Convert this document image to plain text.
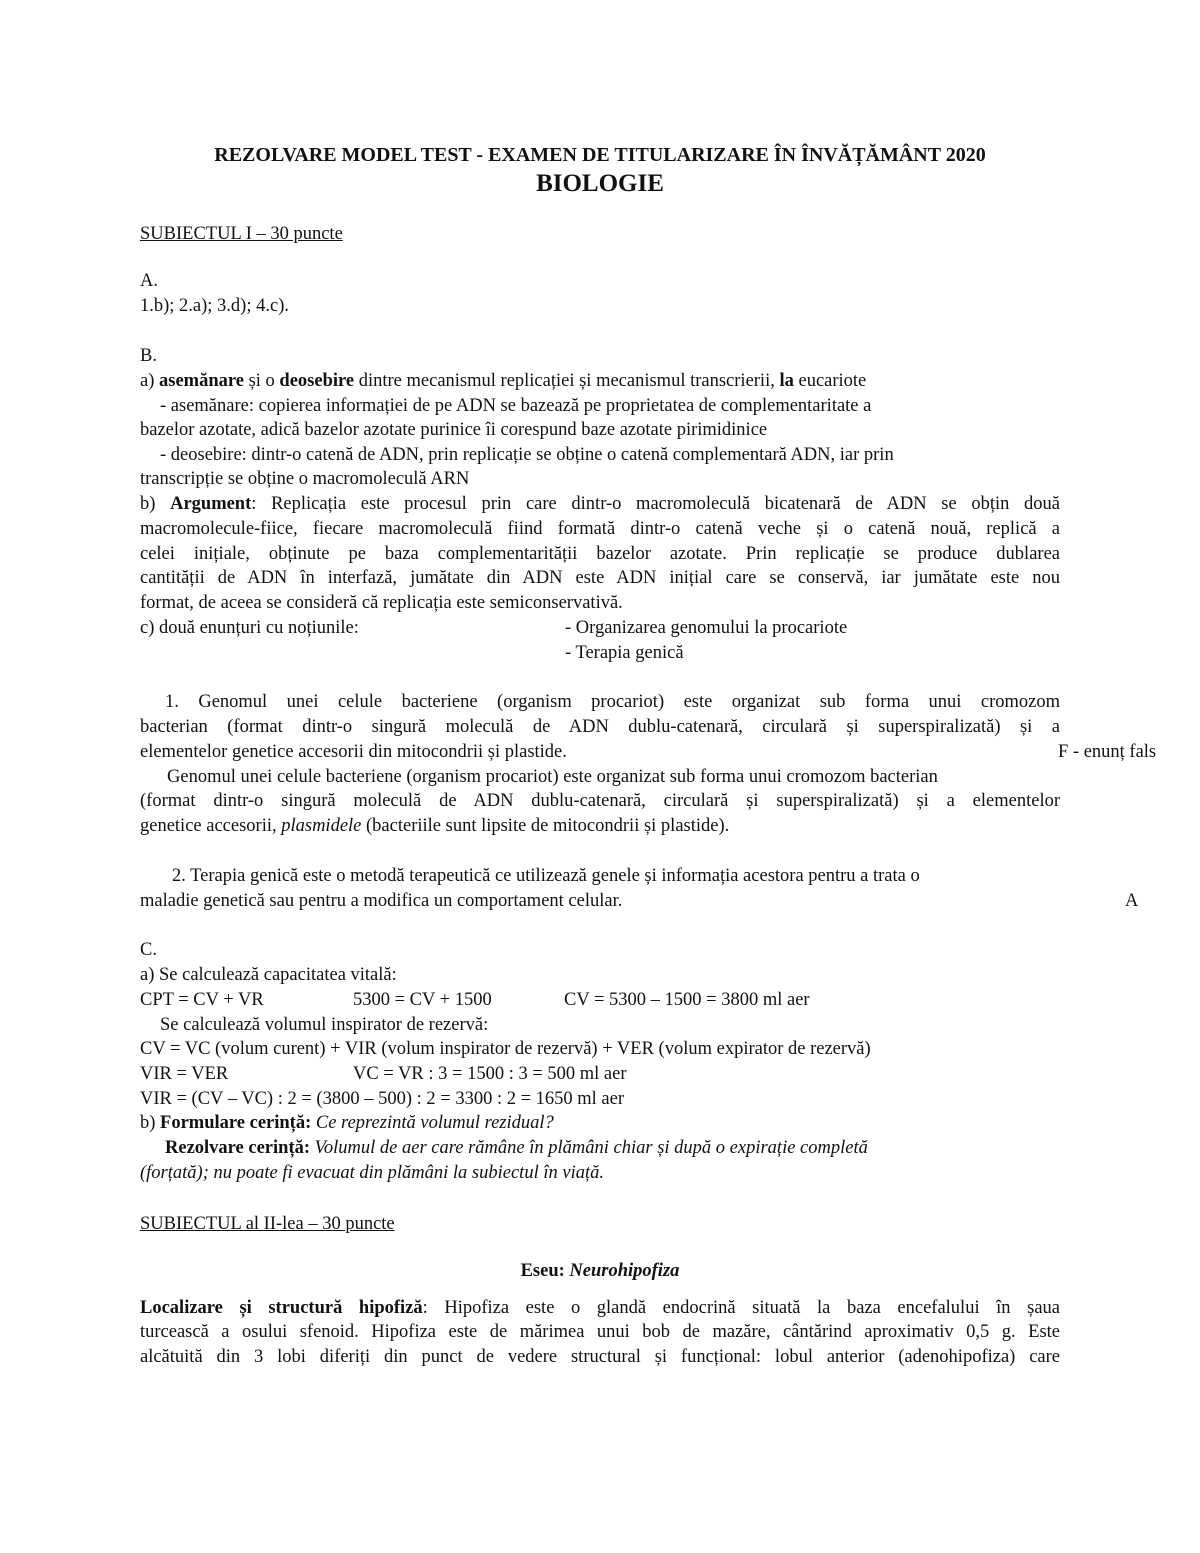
REZOLVARE MODEL TEST - EXAMEN DE TITULARIZARE ÎN ÎNVĂȚĂMÂNT 2020
BIOLOGIE
SUBIECTUL I – 30 puncte
A.
1.b); 2.a); 3.d); 4.c).
B.
a) asemănare și o deosebire dintre mecanismul replicației și mecanismul transcrierii, la eucariote
- asemănare: copierea informației de pe ADN se bazează pe proprietatea de complementaritate a
bazelor azotate, adică bazelor azotate purinice îi corespund baze azotate pirimidinice
- deosebire: dintr-o catenă de ADN, prin replicație se obține o catenă complementară ADN, iar prin
transcripție se obține o macromoleculă ARN
b) Argument: Replicația este procesul prin care dintr-o macromoleculă bicatenară de ADN se obțin două
macromolecule-fiice, fiecare macromoleculă fiind formată dintr-o catenă veche și o catenă nouă, replică a
celei inițiale, obținute pe baza complementarității bazelor azotate. Prin replicație se produce dublarea
cantității de ADN în interfază, jumătate din ADN este ADN inițial care se conservă, iar jumătate este nou
format, de aceea se consideră că replicația este semiconservativă.
c) două enunțuri cu noțiunile:	- Organizarea genomului la procariote
- Terapia genică
1. Genomul unei celule bacteriene (organism procariot) este organizat sub forma unui cromozom
bacterian (format dintr-o singură moleculă de ADN dublu-catenară, circulară și superspiralizată) și a
elementelor genetice accesorii din mitocondrii și plastide.	F - enunț fals
Genomul unei celule bacteriene (organism procariot) este organizat sub forma unui cromozom bacterian
(format dintr-o singură moleculă de ADN dublu-catenară, circulară și superspiralizată) și a elementelor
genetice accesorii, plasmidele (bacteriile sunt lipsite de mitocondrii și plastide).
2. Terapia genică este o metodă terapeutică ce utilizează genele și informația acestora pentru a trata o
maladie genetică sau pentru a modifica un comportament celular.	A
C.
a) Se calculează capacitatea vitală:
CPT = CV + VR	5300 = CV + 1500	CV = 5300 – 1500 = 3800 ml aer
Se calculează volumul inspirator de rezervă:
CV = VC (volum curent) + VIR (volum inspirator de rezervă) + VER (volum expirator de rezervă)
VIR = VER	VC = VR : 3 = 1500 : 3 = 500 ml aer
VIR = (CV – VC) : 2 = (3800 – 500) : 2 = 3300 : 2 = 1650 ml aer
b) Formulare cerință: Ce reprezintă volumul rezidual?
Rezolvare cerință: Volumul de aer care rămâne în plămâni chiar și după o expirație completă
(forțată); nu poate fi evacuat din plămâni la subiectul în viață.
SUBIECTUL al II-lea – 30 puncte
Eseu: Neurohipofiza
Localizare și structură hipofiză: Hipofiza este o glandă endocrină situată la baza encefalului în șaua
turcească a osului sfenoid. Hipofiza este de mărimea unui bob de mazăre, cântărind aproximativ 0,5 g. Este
alcătuită din 3 lobi diferiți din punct de vedere structural și funcțional: lobul anterior (adenohipofiza) care
